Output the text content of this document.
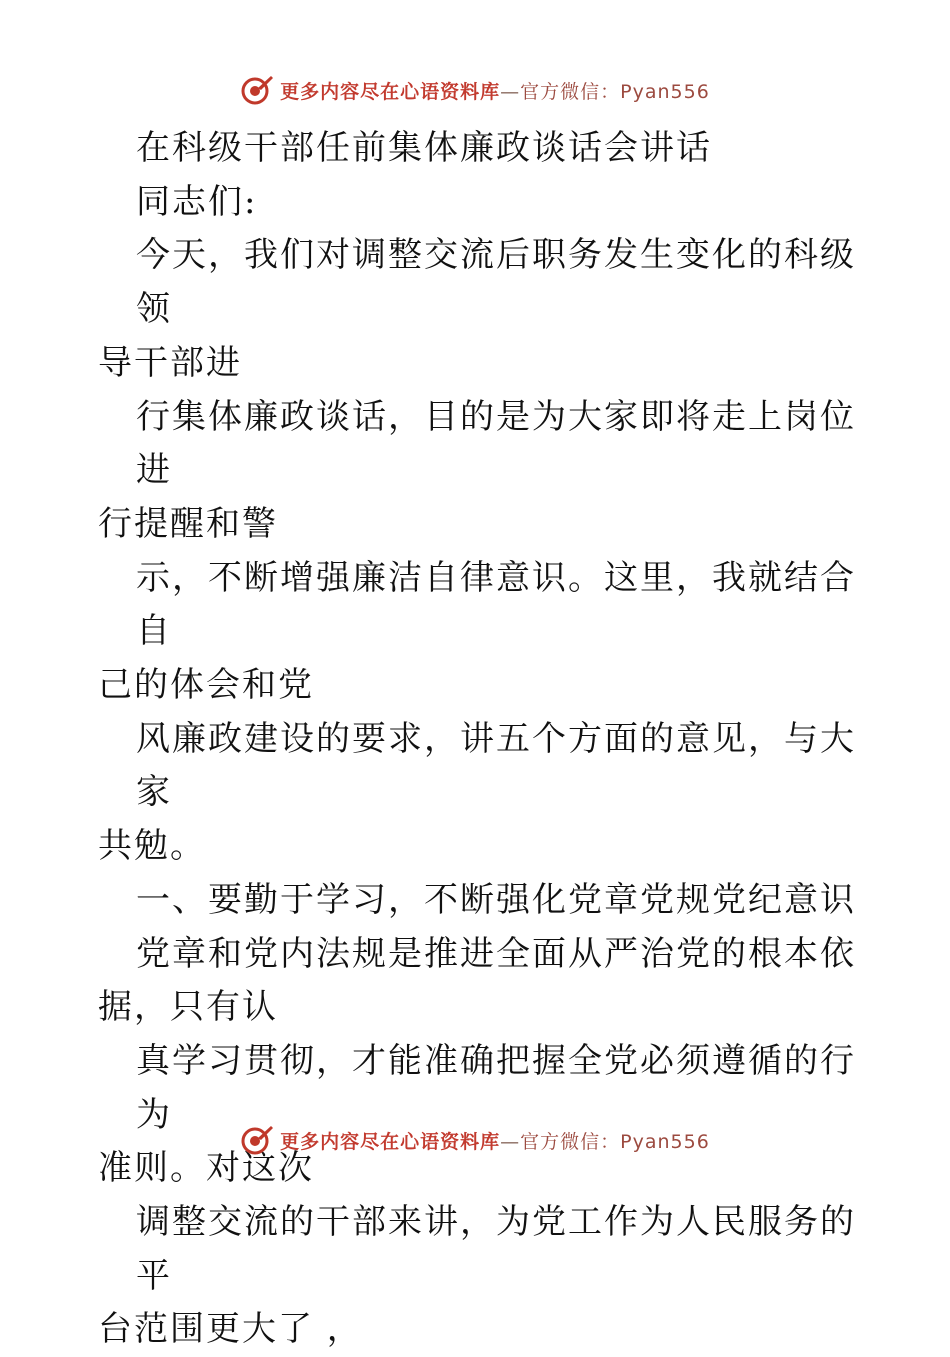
更多内容尽在心语资料库—官方微信：Pyan556
在科级干部任前集体廉政谈话会讲话
同志们:
今天，我们对调整交流后职务发生变化的科级领
导干部进
行集体廉政谈话，目的是为大家即将走上岗位进
行提醒和警
示，不断增强廉洁自律意识。这里，我就结合自
己的体会和党
风廉政建设的要求，讲五个方面的意见，与大家
共勉。
一、要勤于学习，不断强化党章党规党纪意识
党章和党内法规是推进全面从严治党的根本依
据，只有认
真学习贯彻，才能准确把握全党必须遵循的行为
准则。对这次
调整交流的干部来讲，为党工作为人民服务的平
台范围更大了 ，
更多内容尽在心语资料库—官方微信：Pyan556
